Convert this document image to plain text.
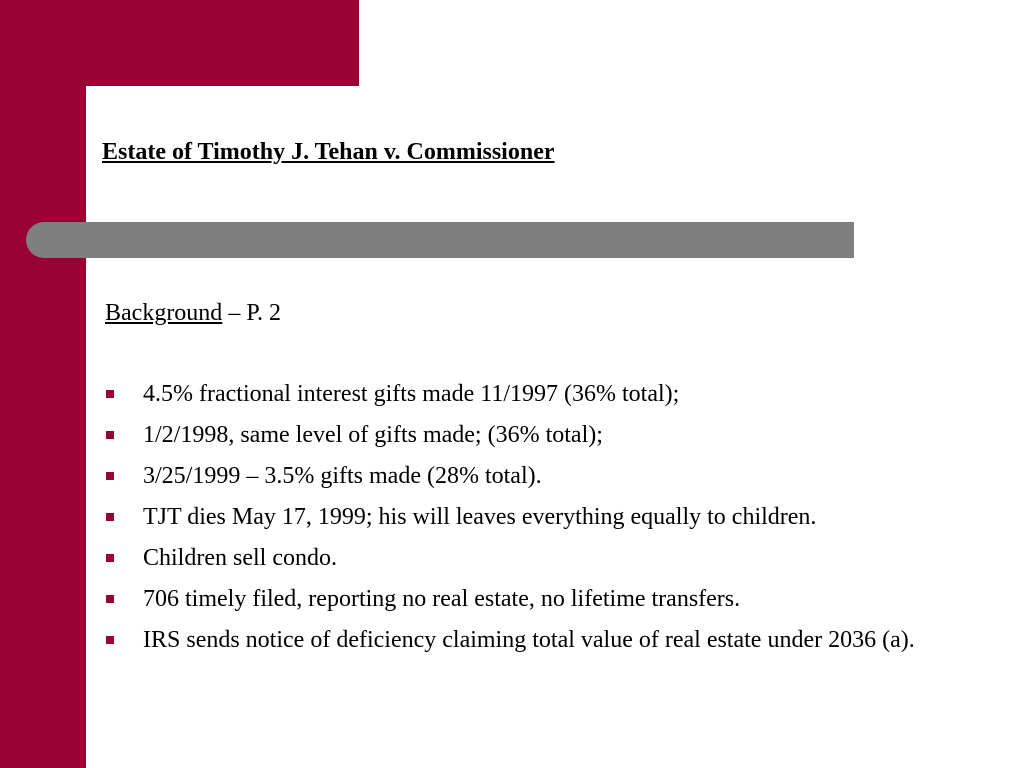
Estate of Timothy J. Tehan v. Commissioner
Background – P. 2
4.5% fractional interest gifts made 11/1997 (36% total);
1/2/1998, same level of gifts made; (36% total);
3/25/1999 – 3.5% gifts made (28% total).
TJT dies May 17, 1999; his will leaves everything equally to children.
Children sell condo.
706 timely filed, reporting no real estate, no lifetime transfers.
IRS sends notice of deficiency claiming total value of real estate under 2036 (a).
